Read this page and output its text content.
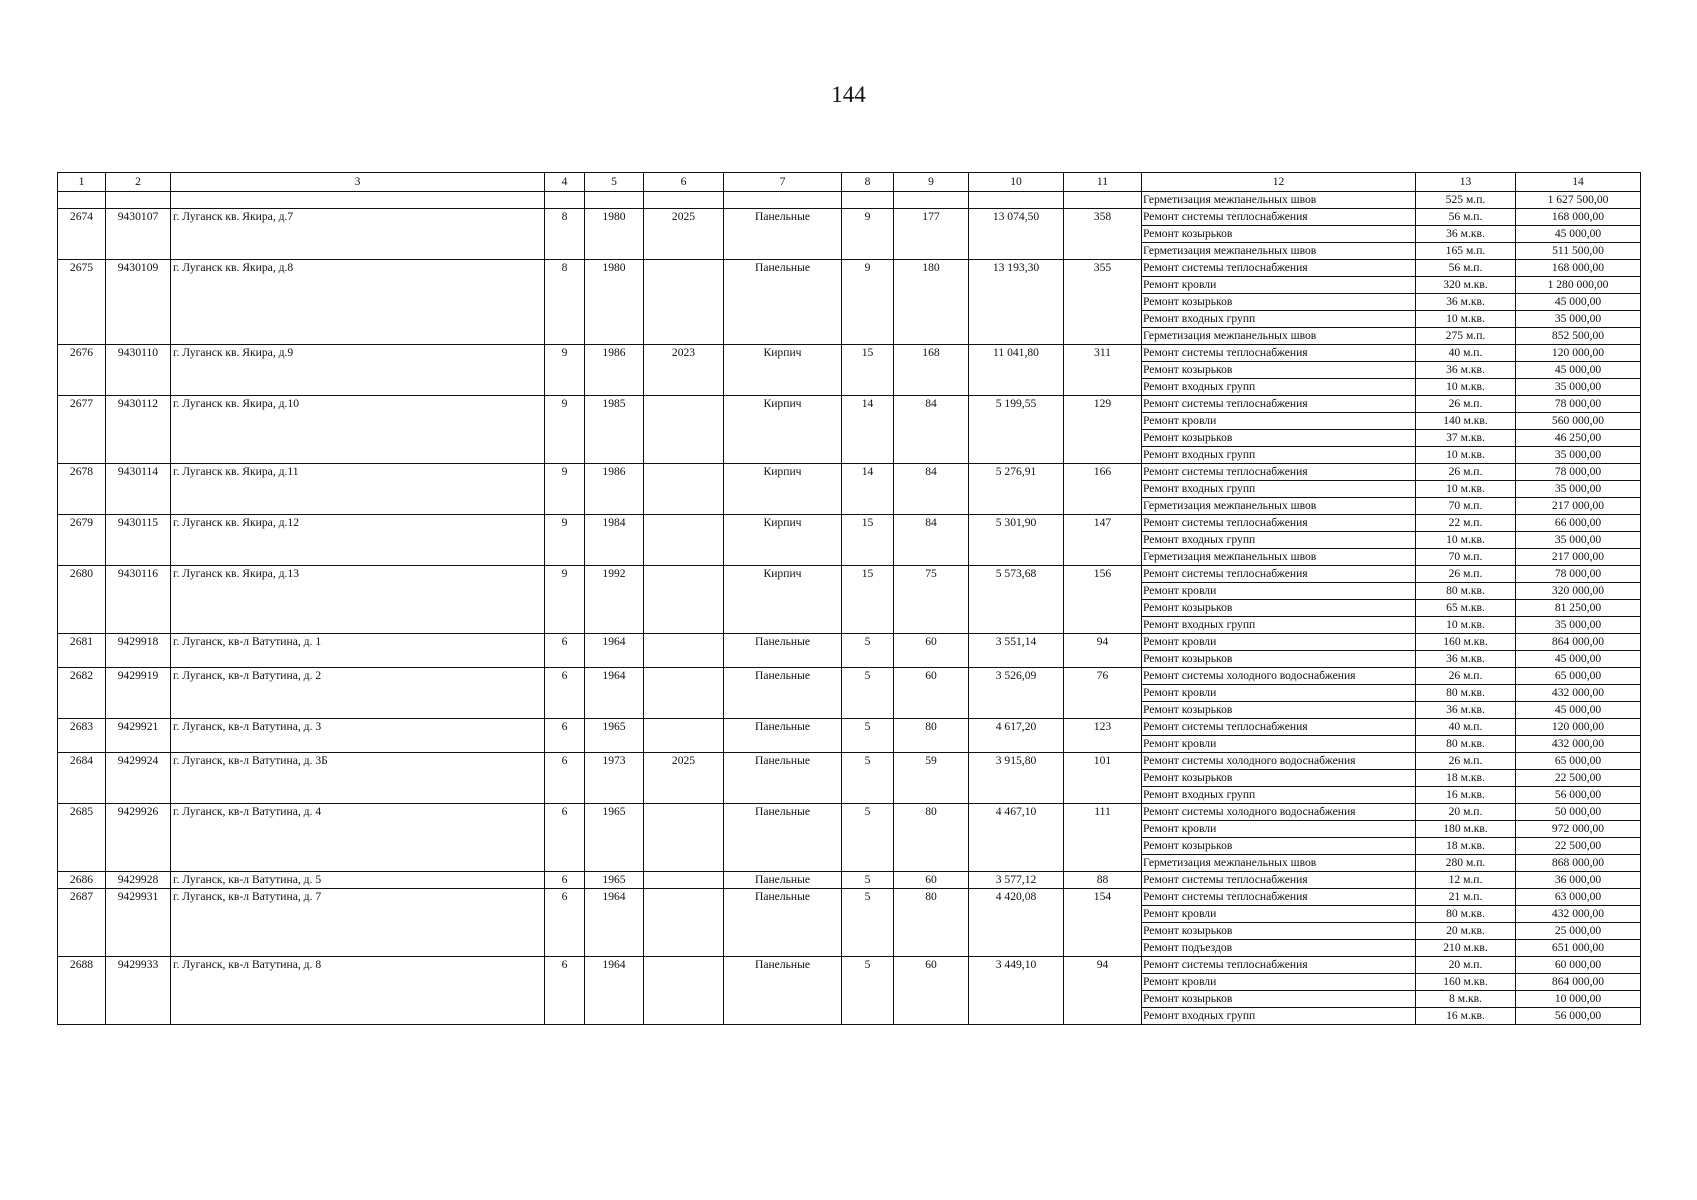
144
1	2	3	4	5	6	7	8	9	10	11	12	13	14
											Герметизация межпанельных швов	525 м.п.	1 627 500,00
2674	9430107	г. Луганск кв. Якира, д.7	8	1980	2025	Панельные	9	177	13 074,50	358	Ремонт системы теплоснабжения	56 м.п.	168 000,00
											Ремонт козырьков	36 м.кв.	45 000,00
											Герметизация межпанельных швов	165 м.п.	511 500,00
2675	9430109	г. Луганск кв. Якира, д.8	8	1980		Панельные	9	180	13 193,30	355	Ремонт системы теплоснабжения	56 м.п.	168 000,00
											Ремонт кровли	320 м.кв.	1 280 000,00
											Ремонт козырьков	36 м.кв.	45 000,00
											Ремонт входных групп	10 м.кв.	35 000,00
											Герметизация межпанельных швов	275 м.п.	852 500,00
2676	9430110	г. Луганск кв. Якира, д.9	9	1986	2023	Кирпич	15	168	11 041,80	311	Ремонт системы теплоснабжения	40 м.п.	120 000,00
											Ремонт козырьков	36 м.кв.	45 000,00
											Ремонт входных групп	10 м.кв.	35 000,00
2677	9430112	г. Луганск кв. Якира, д.10	9	1985		Кирпич	14	84	5 199,55	129	Ремонт системы теплоснабжения	26 м.п.	78 000,00
											Ремонт кровли	140 м.кв.	560 000,00
											Ремонт козырьков	37 м.кв.	46 250,00
											Ремонт входных групп	10 м.кв.	35 000,00
2678	9430114	г. Луганск кв. Якира, д.11	9	1986		Кирпич	14	84	5 276,91	166	Ремонт системы теплоснабжения	26 м.п.	78 000,00
											Ремонт входных групп	10 м.кв.	35 000,00
											Герметизация межпанельных швов	70 м.п.	217 000,00
2679	9430115	г. Луганск кв. Якира, д.12	9	1984		Кирпич	15	84	5 301,90	147	Ремонт системы теплоснабжения	22 м.п.	66 000,00
											Ремонт входных групп	10 м.кв.	35 000,00
											Герметизация межпанельных швов	70 м.п.	217 000,00
2680	9430116	г. Луганск кв. Якира, д.13	9	1992		Кирпич	15	75	5 573,68	156	Ремонт системы теплоснабжения	26 м.п.	78 000,00
											Ремонт кровли	80 м.кв.	320 000,00
											Ремонт козырьков	65 м.кв.	81 250,00
											Ремонт входных групп	10 м.кв.	35 000,00
2681	9429918	г. Луганск, кв-л Ватутина, д. 1	6	1964		Панельные	5	60	3 551,14	94	Ремонт кровли	160 м.кв.	864 000,00
											Ремонт козырьков	36 м.кв.	45 000,00
2682	9429919	г. Луганск, кв-л Ватутина, д. 2	6	1964		Панельные	5	60	3 526,09	76	Ремонт системы холодного водоснабжения	26 м.п.	65 000,00
											Ремонт кровли	80 м.кв.	432 000,00
											Ремонт козырьков	36 м.кв.	45 000,00
2683	9429921	г. Луганск, кв-л Ватутина, д. 3	6	1965		Панельные	5	80	4 617,20	123	Ремонт системы теплоснабжения	40 м.п.	120 000,00
											Ремонт кровли	80 м.кв.	432 000,00
2684	9429924	г. Луганск, кв-л Ватутина, д. 3Б	6	1973	2025	Панельные	5	59	3 915,80	101	Ремонт системы холодного водоснабжения	26 м.п.	65 000,00
											Ремонт козырьков	18 м.кв.	22 500,00
											Ремонт входных групп	16 м.кв.	56 000,00
2685	9429926	г. Луганск, кв-л Ватутина, д. 4	6	1965		Панельные	5	80	4 467,10	111	Ремонт системы холодного водоснабжения	20 м.п.	50 000,00
											Ремонт кровли	180 м.кв.	972 000,00
											Ремонт козырьков	18 м.кв.	22 500,00
											Герметизация межпанельных швов	280 м.п.	868 000,00
2686	9429928	г. Луганск, кв-л Ватутина, д. 5	6	1965		Панельные	5	60	3 577,12	88	Ремонт системы теплоснабжения	12 м.п.	36 000,00
2687	9429931	г. Луганск, кв-л Ватутина, д. 7	6	1964		Панельные	5	80	4 420,08	154	Ремонт системы теплоснабжения	21 м.п.	63 000,00
											Ремонт кровли	80 м.кв.	432 000,00
											Ремонт козырьков	20 м.кв.	25 000,00
											Ремонт подъездов	210 м.кв.	651 000,00
2688	9429933	г. Луганск, кв-л Ватутина, д. 8	6	1964		Панельные	5	60	3 449,10	94	Ремонт системы теплоснабжения	20 м.п.	60 000,00
											Ремонт кровли	160 м.кв.	864 000,00
											Ремонт козырьков	8 м.кв.	10 000,00
											Ремонт входных групп	16 м.кв.	56 000,00
